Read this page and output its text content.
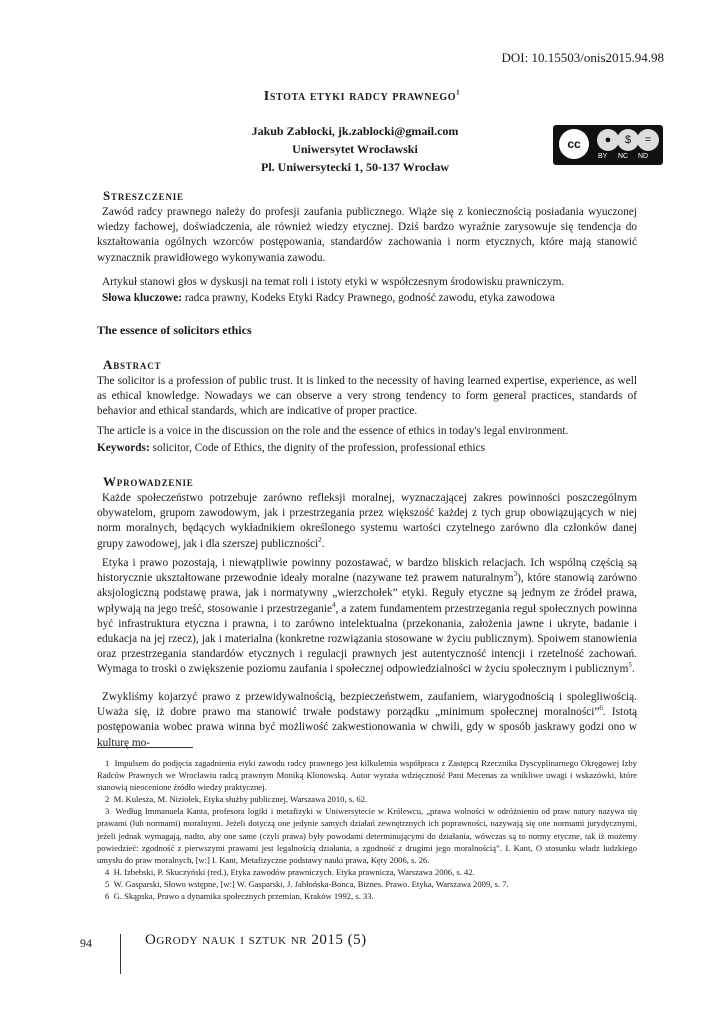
DOI: 10.15503/onis2015.94.98
Istota etyki radcy prawnego$^1$
Jakub Zabłocki, jk.zablocki@gmail.com
Uniwersytet Wrocławski
Pl. Uniwersytecki 1, 50-137 Wrocław
cc	●	$	=
BY NC ND
Streszczenie

Zawód radcy prawnego należy do profesji zaufania publicznego. Wiąże się z koniecznością posiadania wyuczonej wiedzy fachowej, doświadczenia, ale również wiedzy etycznej. Dziś bardzo wyraźnie zarysowuje się tendencja do kształtowania ogólnych wzorców postępowania, standardów zachowania i norm etycznych, które mają stanowić wyznacznik prawidłowego wykonywania zawodu.

Artykuł stanowi głos w dyskusji na temat roli i istoty etyki w współczesnym środowisku prawniczym.

Słowa kluczowe: radca prawny, Kodeks Etyki Radcy Prawnego, godność zawodu, etyka zawodowa

The essence of solicitors ethics
Abstract

The solicitor is a profession of public trust. It is linked to the necessity of having learned expertise, experience, as well as ethical knowledge. Nowadays we can observe a very strong tendency to form general practices, standards of behavior and ethical standards, which are indicative of proper practice.

The article is a voice in the discussion on the role and the essence of ethics in today's legal environment.

Keywords: solicitor, Code of Ethics, the dignity of the profession, professional ethics

Wprowadzenie

Każde społeczeństwo potrzebuje zarówno refleksji moralnej, wyznaczającej zakres powinności poszczególnym obywatelom, grupom zawodowym, jak i przestrzegania przez większość każdej z tych grup obowiązujących w niej norm moralnych, będących wykładnikiem określonego systemu wartości czytelnego zarówno dla członków danej grupy zawodowej, jak i dla szerszej publiczności$^2$.

Etyka i prawo pozostają, i niewątpliwie powinny pozostawać, w bardzo bliskich relacjach. Ich wspólną częścią są historycznie ukształtowane przewodnie ideały moralne (nazywane też prawem naturalnym$^3$), które stanowią zarówno aksjologiczną podstawę prawa, jak i normatywny „wierzchołek” etyki. Reguły etyczne są jednym ze źródeł prawa, wpływają na jego treść, stosowanie i przestrzeganie$^4$, a zatem fundamentem przestrzegania reguł społecznych powinna być infrastruktura etyczna i prawna, i to zarówno intelektualna (przekonania, założenia jawne i ukryte, badanie i edukacja na jej rzecz), jak i materialna (konkretne rozwiązania stosowane w życiu publicznym). Spoiwem stanowienia oraz przestrzegania standardów etycznych i regulacji prawnych jest autentyczność intencji i rzetelność zachowań. Wymaga to troski o zwiększenie poziomu zaufania i społecznej odpowiedzialności w życiu społecznym i publicznym$^5$.

Zwykliśmy kojarzyć prawo z przewidywalnością, bezpieczeństwem, zaufaniem, wiarygodnością i spolegliwością. Uważa się, iż dobre prawo ma stanowić trwałe podstawy porządku „minimum społecznej moralności”$^6$. Istotą postępowania wobec prawa winna być możliwość zakwestionowania w chwili, gdy w sposób jaskrawy godzi ono w kulturę mo-

1 Impulsem do podjęcia zagadnienia etyki zawodu radcy prawnego jest kilkuletnia współpraca z Zastępcą Rzecznika Dyscyplinarnego Okręgowej Izby Radców Prawnych we Wrocławiu radcą prawnym Moniką Klonowską. Autor wyraża wdzięczność Pani Mecenas za wnikliwe uwagi i wskazówki, które stanowią nieocenione źródło wiedzy praktycznej.

2 M. Kulesza, M. Niziołek, Etyka służby publicznej, Warszawa 2010, s. 62.

3 Według Immanuela Kanta, profesora logiki i metafizyki w Uniwersytecie w Królewcu, „prawa wolności w odróżnieniu od praw natury nazywa się prawami (lub normami) moralnymi. Jeżeli dotyczą one jedynie samych działań zewnętrznych ich poprawności, nazywają się one normami jurydycznymi, jeżeli jednak wymagają, nadto, aby one same (czyli prawa) były powodami determinującymi do działania, wówczas są to normy etyczne, tak iż możemy powiedzieć: zgodność z pierwszymi prawami jest legalnością działania, a zgodność z drugimi jego moralnością”. I. Kant, O stosunku władz ludzkiego umysłu do praw moralnych, [w:] I. Kant, Metafizyczne podstawy nauki prawa, Kęty 2006, s. 26.

4 H. Izbebski, P. Skuczyński (red.), Etyka zawodów prawniczych. Etyka prawnicza, Warszawa 2006, s. 42.

5 W. Gasparski, Słowo wstępne, [w:] W. Gasparski, J. Jabłońska-Bonca, Biznes. Prawo. Etyka, Warszawa 2009, s. 7.

6 G. Skąpska, Prawo a dynamika społecznych przemian, Kraków 1992, s. 33.

94	Ogrody nauk i sztuk nr 2015 (5)
